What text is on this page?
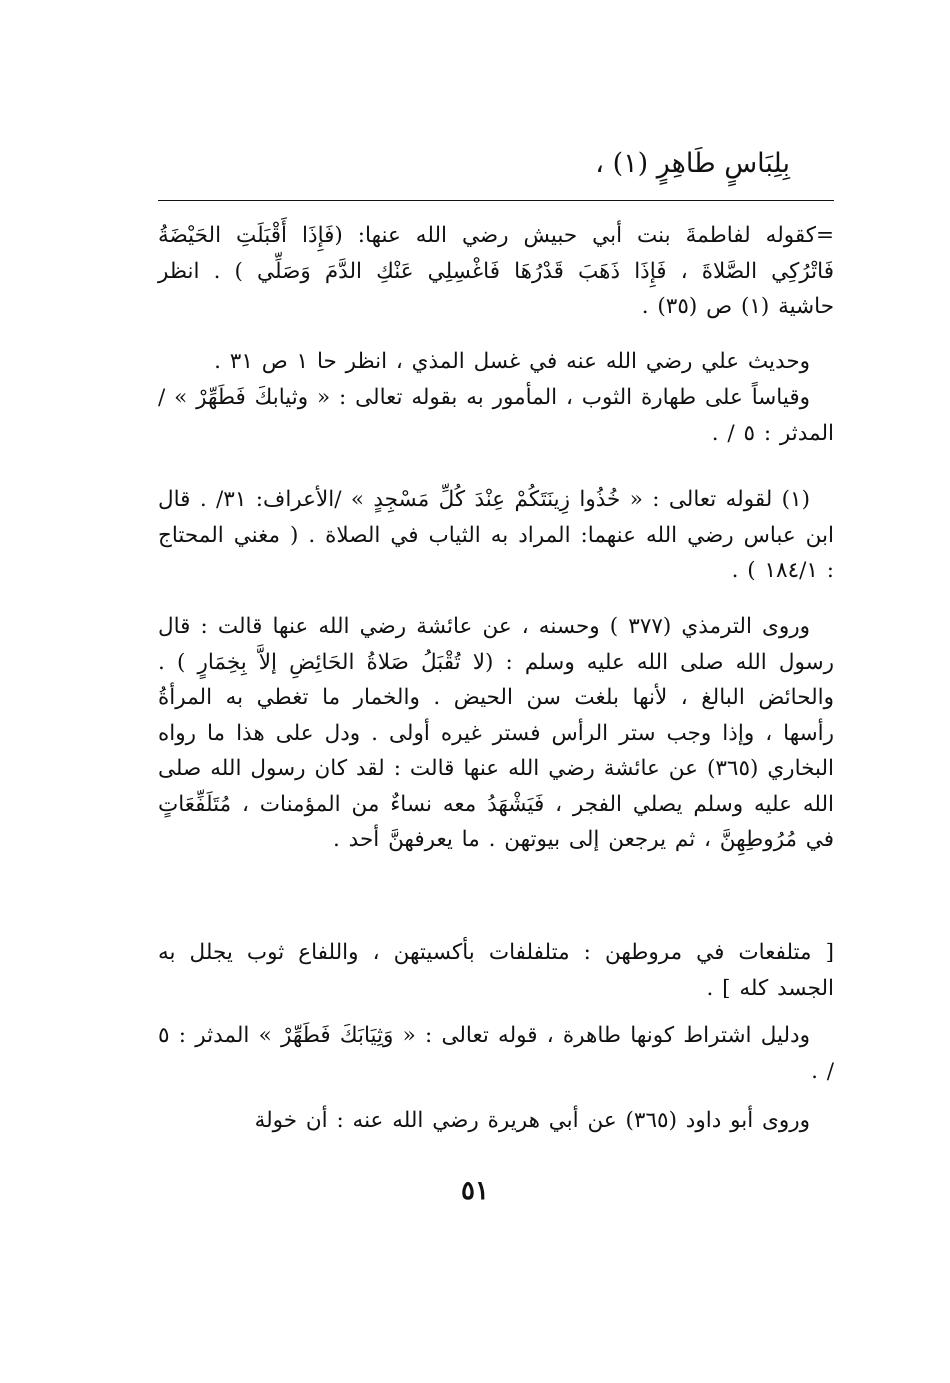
بِلِبَاسٍ طَاهِرٍ (١) ،
=كقوله لفاطمةَ بنت أبي حبيش رضي الله عنها: (فَإِذَا أَقْبَلَتِ الحَيْضَةُ فَاتْرُكِي الصَّلاةَ ، فَإِذَا ذَهَبَ قَدْرُهَا فَاغْسِلِي عَنْكِ الدَّمَ وَصَلِّي ) . انظر حاشية (١) ص (٣٥) .
وحديث علي رضي الله عنه في غسل المذي ، انظر حا ١ ص ٣١ .
وقياساً على طهارة الثوب ، المأمور به بقوله تعالى : « وثيابكَ فَطَهِّرْ » /المدثر : ٥ / .
(١) لقوله تعالى : « خُذُوا زِينَتَكُمْ عِنْدَ كُلِّ مَسْجِدٍ » /الأعراف: ٣١/ . قال ابن عباس رضي الله عنهما: المراد به الثياب في الصلاة . ( مغني المحتاج : ١٨٤/١ ) .
وروى الترمذي (٣٧٧ ) وحسنه ، عن عائشة رضي الله عنها قالت : قال رسول الله صلى الله عليه وسلم : (لا تُقْبَلُ صَلاةُ الحَائِضِ إلاَّ بِخِمَارٍ ) . والحائض البالغ ، لأنها بلغت سن الحيض . والخمار ما تغطي به المرأةُ رأسها ، وإذا وجب ستر الرأس فستر غيره أولى . ودل على هذا ما رواه البخاري (٣٦٥) عن عائشة رضي الله عنها قالت : لقد كان رسول الله صلى الله عليه وسلم يصلي الفجر ، فَيَشْهَدُ معه نساءٌ من المؤمنات ، مُتَلَفِّعَاتٍ في مُرُوطِهِنَّ ، ثم يرجعن إلى بيوتهن . ما يعرفهنَّ أحد .
[ متلفعات في مروطهن : متلفلفات بأكسيتهن ، واللفاع ثوب يجلل به الجسد كله ] .
ودليل اشتراط كونها طاهرة ، قوله تعالى : « وَثِيَابَكَ فَطَهِّرْ » المدثر : ٥ / .
وروى أبو داود (٣٦٥) عن أبي هريرة رضي الله عنه : أن خولة
٥١
